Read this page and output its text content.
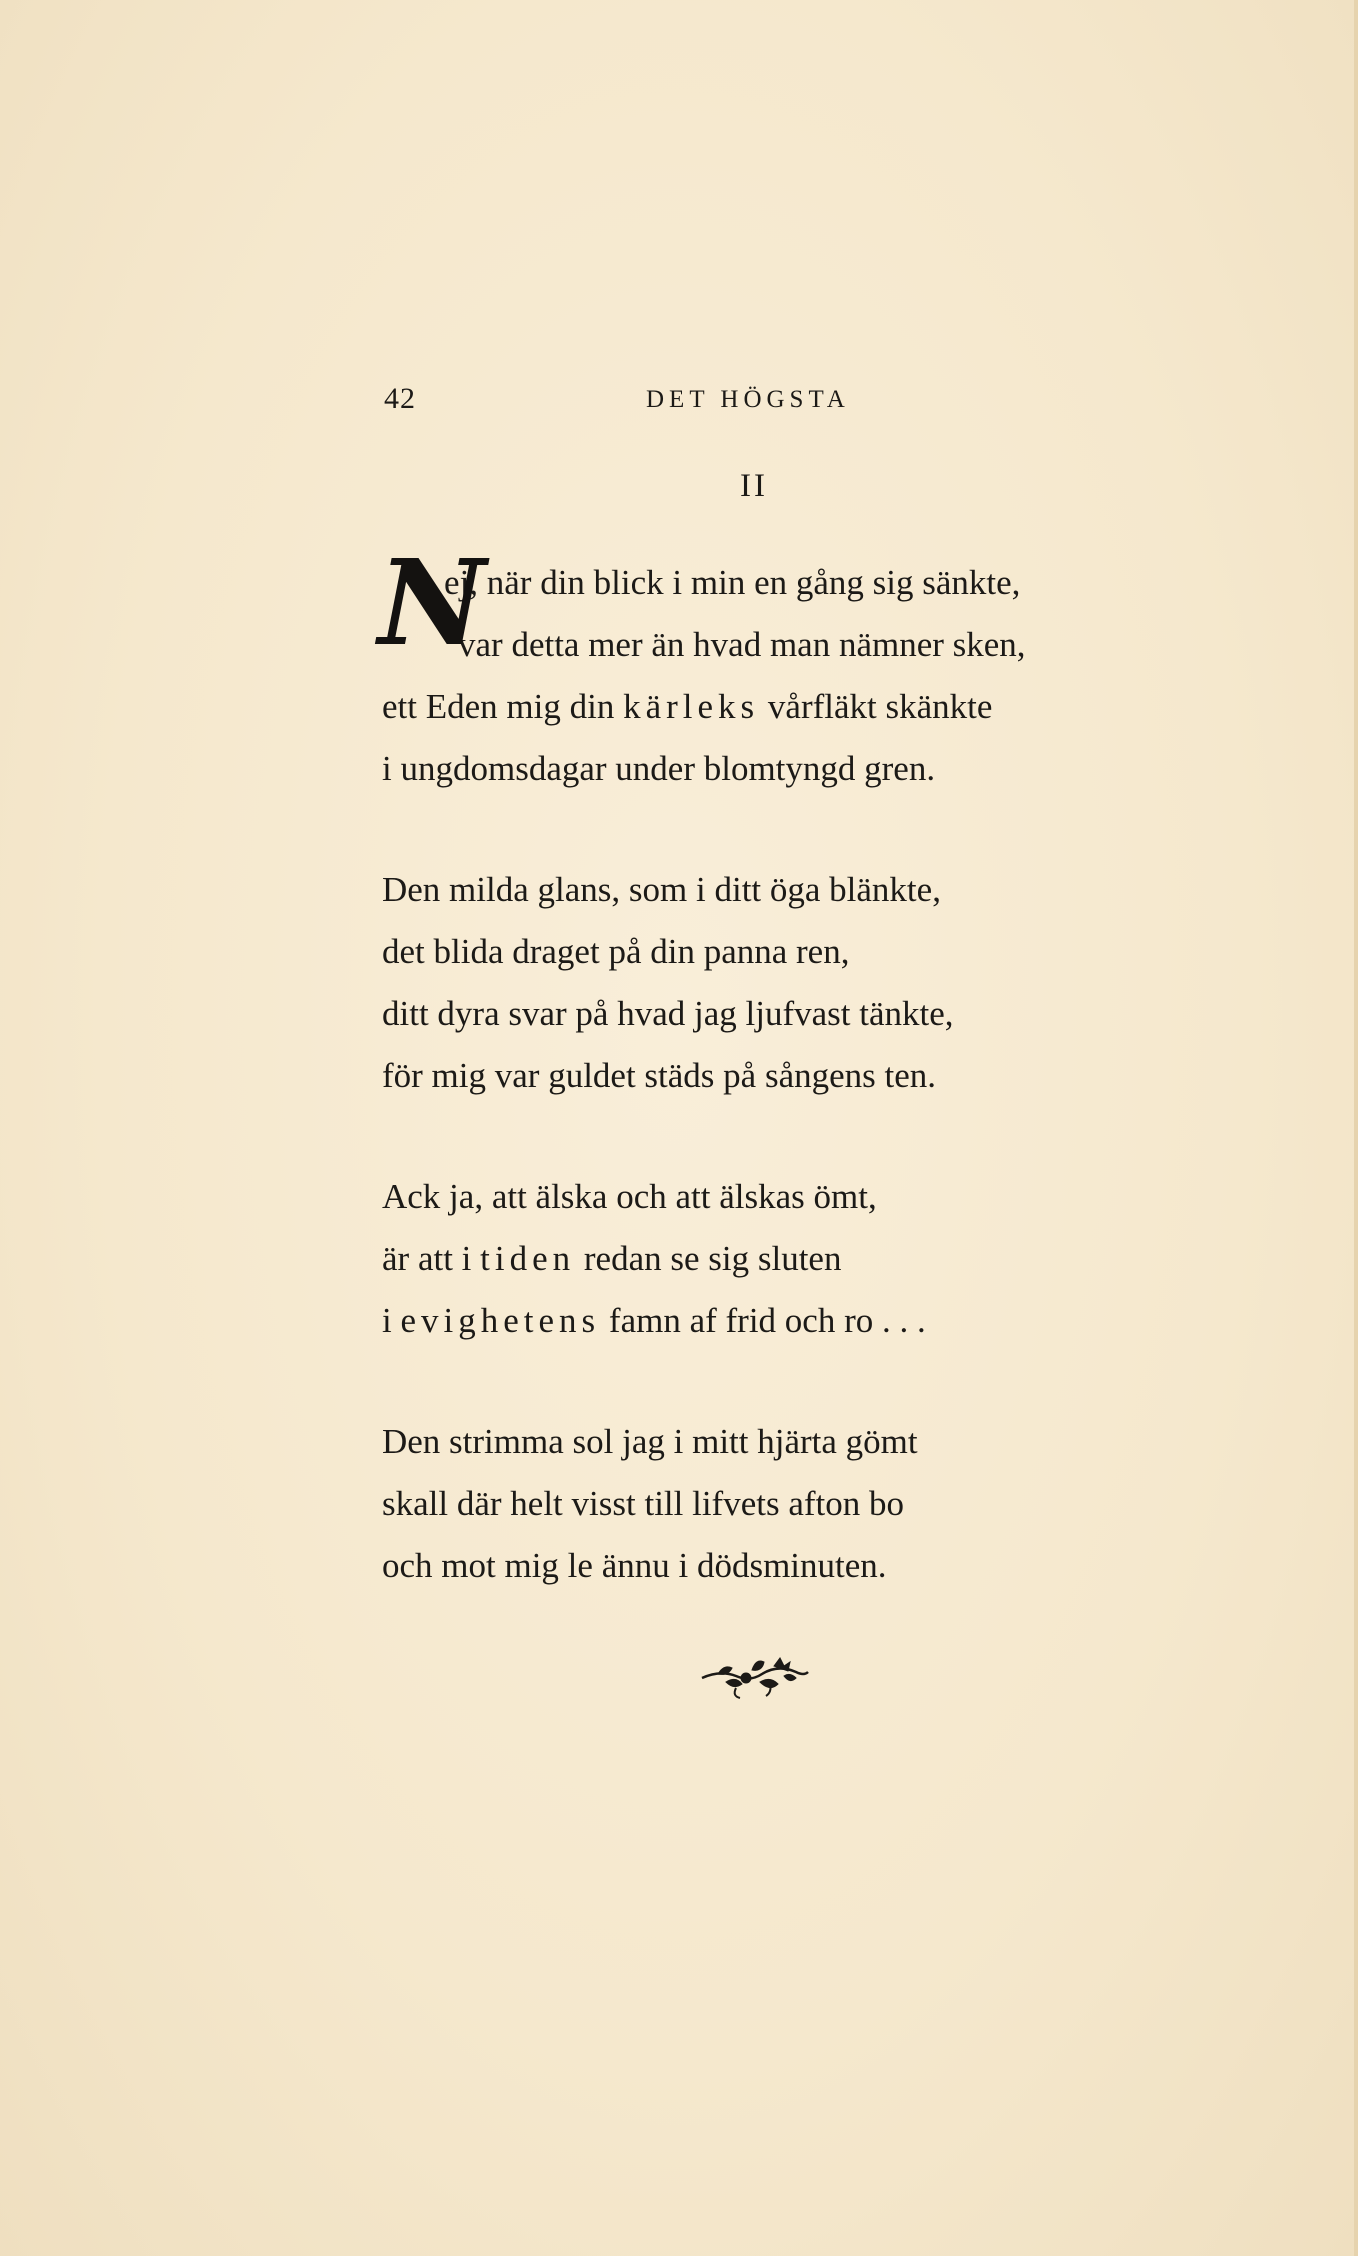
42	DET HÖGSTA
II
N
ej, när din blick i min en gång sig sänkte,
var detta mer än hvad man nämner sken,
ett Eden mig din kärleks vårfläkt skänkte
i ungdomsdagar under blomtyngd gren.
Den milda glans, som i ditt öga blänkte,
det blida draget på din panna ren,
ditt dyra svar på hvad jag ljufvast tänkte,
för mig var guldet städs på sångens ten.
Ack ja, att älska och att älskas ömt,
är att i tiden redan se sig sluten
i evighetens famn af frid och ro . . .
Den strimma sol jag i mitt hjärta gömt
skall där helt visst till lifvets afton bo
och mot mig le ännu i dödsminuten.
